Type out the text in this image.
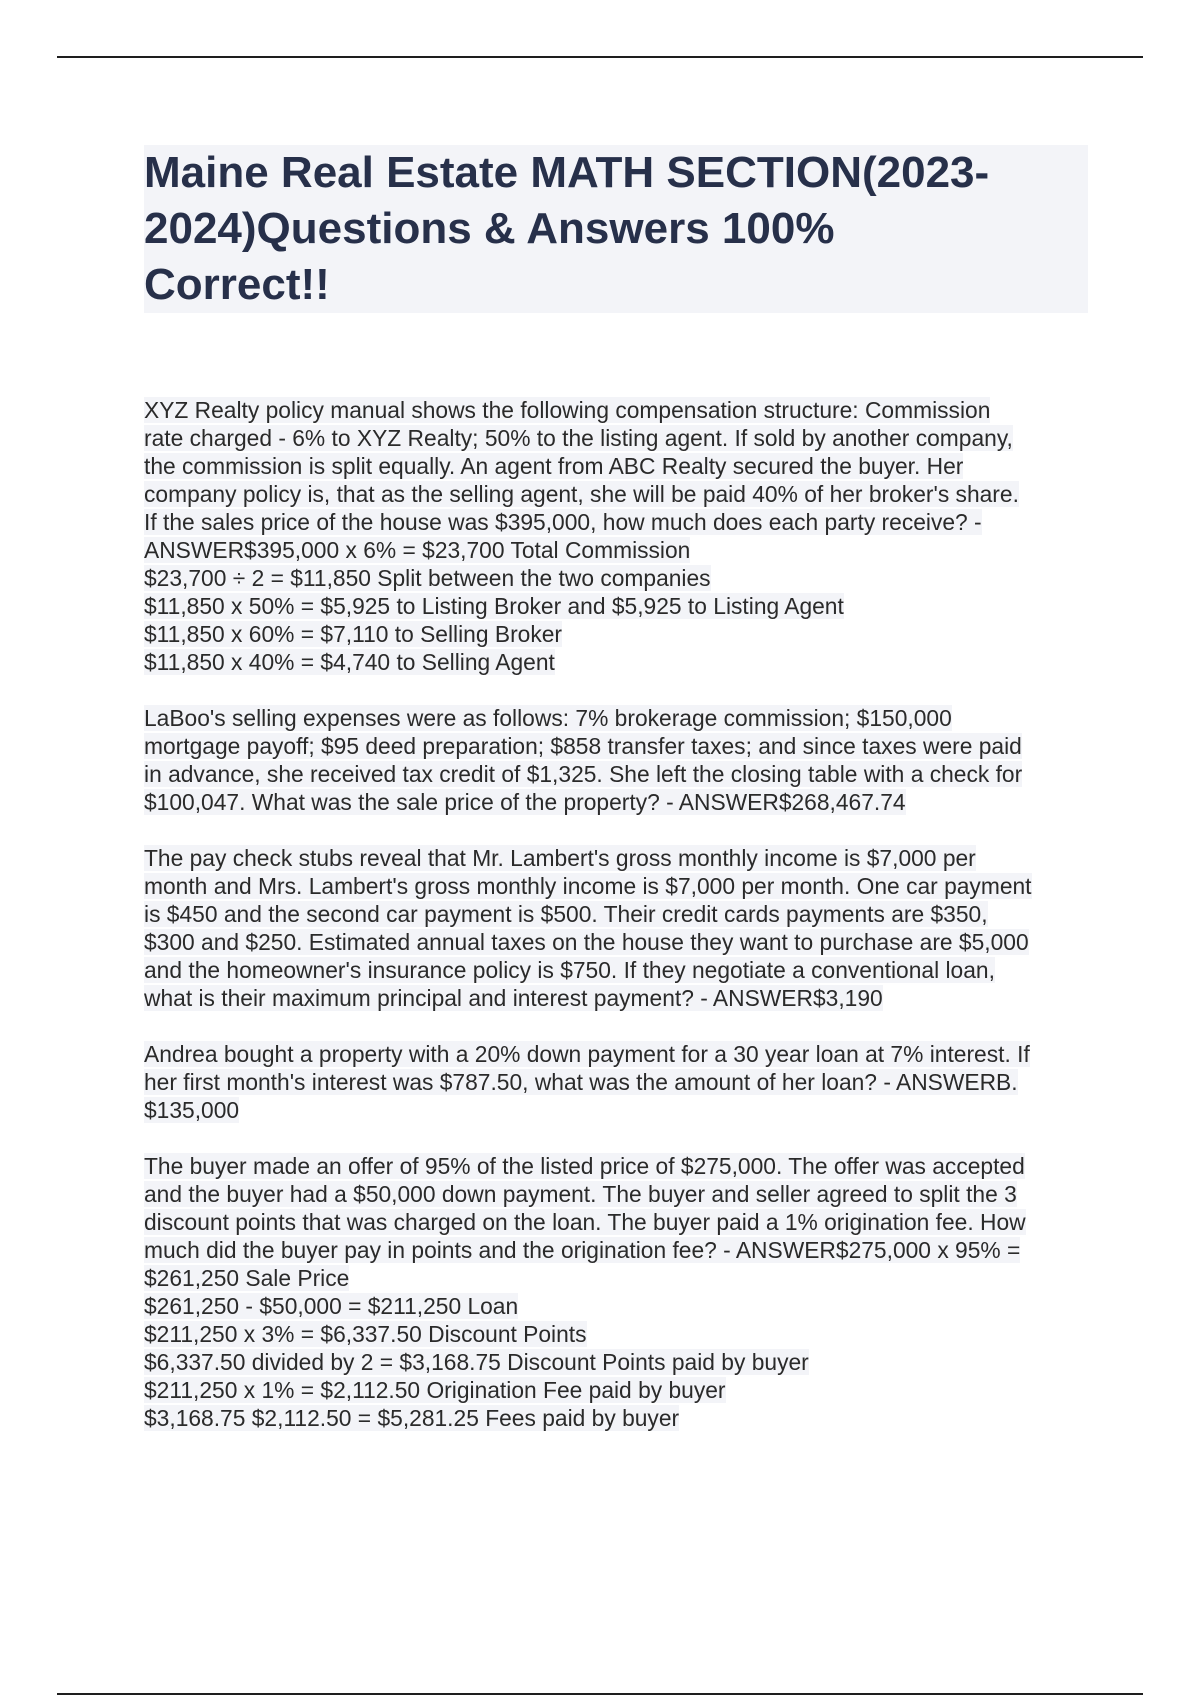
Maine Real Estate MATH SECTION(2023-
2024)Questions & Answers 100%
Correct!!
XYZ Realty policy manual shows the following compensation structure: Commission
rate charged - 6% to XYZ Realty; 50% to the listing agent. If sold by another company,
the commission is split equally. An agent from ABC Realty secured the buyer. Her
company policy is, that as the selling agent, she will be paid 40% of her broker's share.
If the sales price of the house was $395,000, how much does each party receive? -
ANSWER$395,000 x 6% = $23,700 Total Commission
$23,700 ÷ 2 = $11,850 Split between the two companies
$11,850 x 50% = $5,925 to Listing Broker and $5,925 to Listing Agent
$11,850 x 60% = $7,110 to Selling Broker
$11,850 x 40% = $4,740 to Selling Agent
LaBoo's selling expenses were as follows: 7% brokerage commission; $150,000
mortgage payoff; $95 deed preparation; $858 transfer taxes; and since taxes were paid
in advance, she received tax credit of $1,325. She left the closing table with a check for
$100,047. What was the sale price of the property? - ANSWER$268,467.74
The pay check stubs reveal that Mr. Lambert's gross monthly income is $7,000 per
month and Mrs. Lambert's gross monthly income is $7,000 per month. One car payment
is $450 and the second car payment is $500. Their credit cards payments are $350,
$300 and $250. Estimated annual taxes on the house they want to purchase are $5,000
and the homeowner's insurance policy is $750. If they negotiate a conventional loan,
what is their maximum principal and interest payment? - ANSWER$3,190
Andrea bought a property with a 20% down payment for a 30 year loan at 7% interest. If
her first month's interest was $787.50, what was the amount of her loan? - ANSWERB.
$135,000
The buyer made an offer of 95% of the listed price of $275,000. The offer was accepted
and the buyer had a $50,000 down payment. The buyer and seller agreed to split the 3
discount points that was charged on the loan. The buyer paid a 1% origination fee. How
much did the buyer pay in points and the origination fee? - ANSWER$275,000 x 95% =
$261,250 Sale Price
$261,250 - $50,000 = $211,250 Loan
$211,250 x 3% = $6,337.50 Discount Points
$6,337.50 divided by 2 = $3,168.75 Discount Points paid by buyer
$211,250 x 1% = $2,112.50 Origination Fee paid by buyer
$3,168.75 $2,112.50 = $5,281.25 Fees paid by buyer
